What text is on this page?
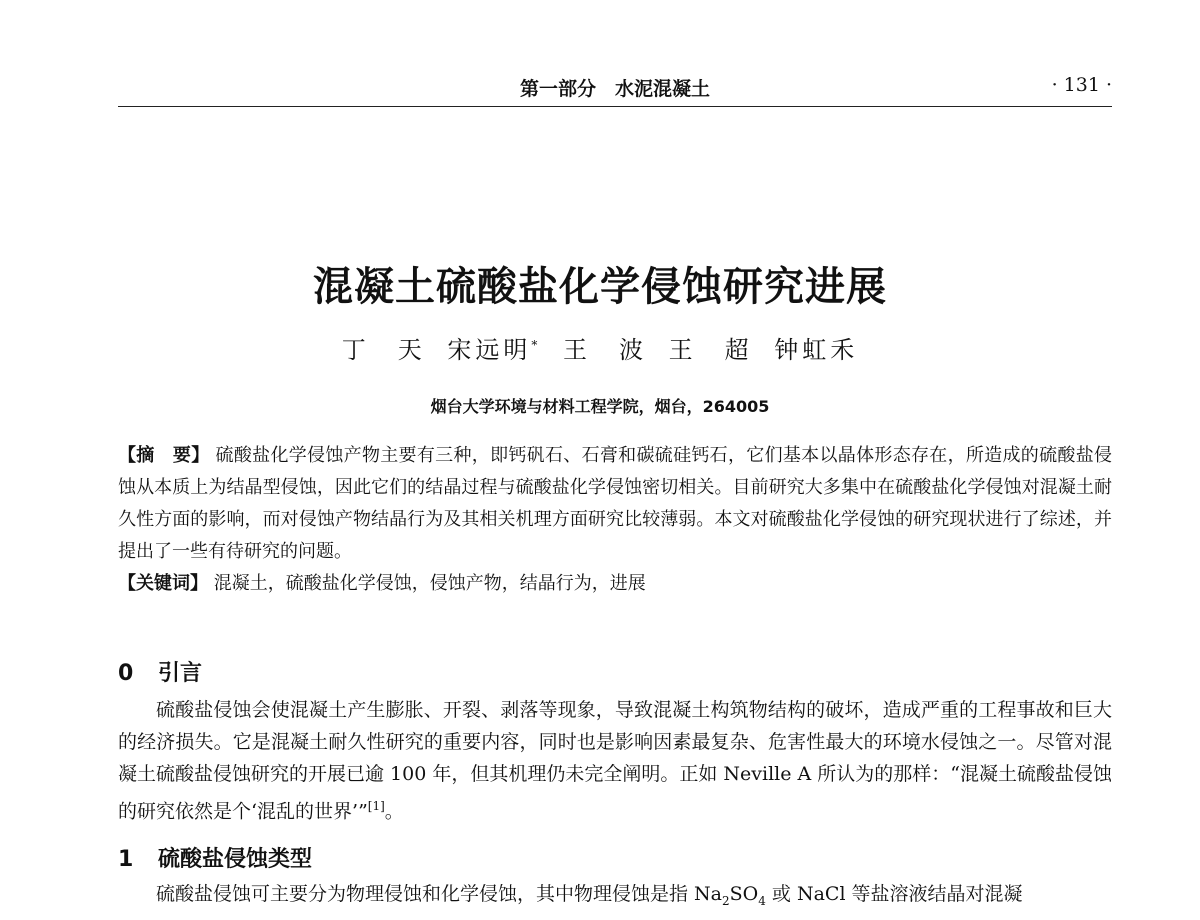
第一部分　水泥混凝土	· 131 ·
混凝土硫酸盐化学侵蚀研究进展
丁　天 宋远明* 王　波 王　超 钟虹禾
烟台大学环境与材料工程学院，烟台，264005
【摘　要】 硫酸盐化学侵蚀产物主要有三种，即钙矾石、石膏和碳硫硅钙石，它们基本以晶体形态存在，所造成的硫酸盐侵蚀从本质上为结晶型侵蚀，因此它们的结晶过程与硫酸盐化学侵蚀密切相关。目前研究大多集中在硫酸盐化学侵蚀对混凝土耐久性方面的影响，而对侵蚀产物结晶行为及其相关机理方面研究比较薄弱。本文对硫酸盐化学侵蚀的研究现状进行了综述，并提出了一些有待研究的问题。
【关键词】 混凝土，硫酸盐化学侵蚀，侵蚀产物，结晶行为，进展
0 引言
硫酸盐侵蚀会使混凝土产生膨胀、开裂、剥落等现象，导致混凝土构筑物结构的破坏，造成严重的工程事故和巨大的经济损失。它是混凝土耐久性研究的重要内容，同时也是影响因素最复杂、危害性最大的环境水侵蚀之一。尽管对混凝土硫酸盐侵蚀研究的开展已逾 100 年，但其机理仍未完全阐明。正如 Neville A 所认为的那样：“混凝土硫酸盐侵蚀的研究依然是个‘混乱的世界’”[1]。
1 硫酸盐侵蚀类型
硫酸盐侵蚀可主要分为物理侵蚀和化学侵蚀，其中物理侵蚀是指 $Na_2SO_4$ 或 NaCl 等盐溶液结晶对混凝
